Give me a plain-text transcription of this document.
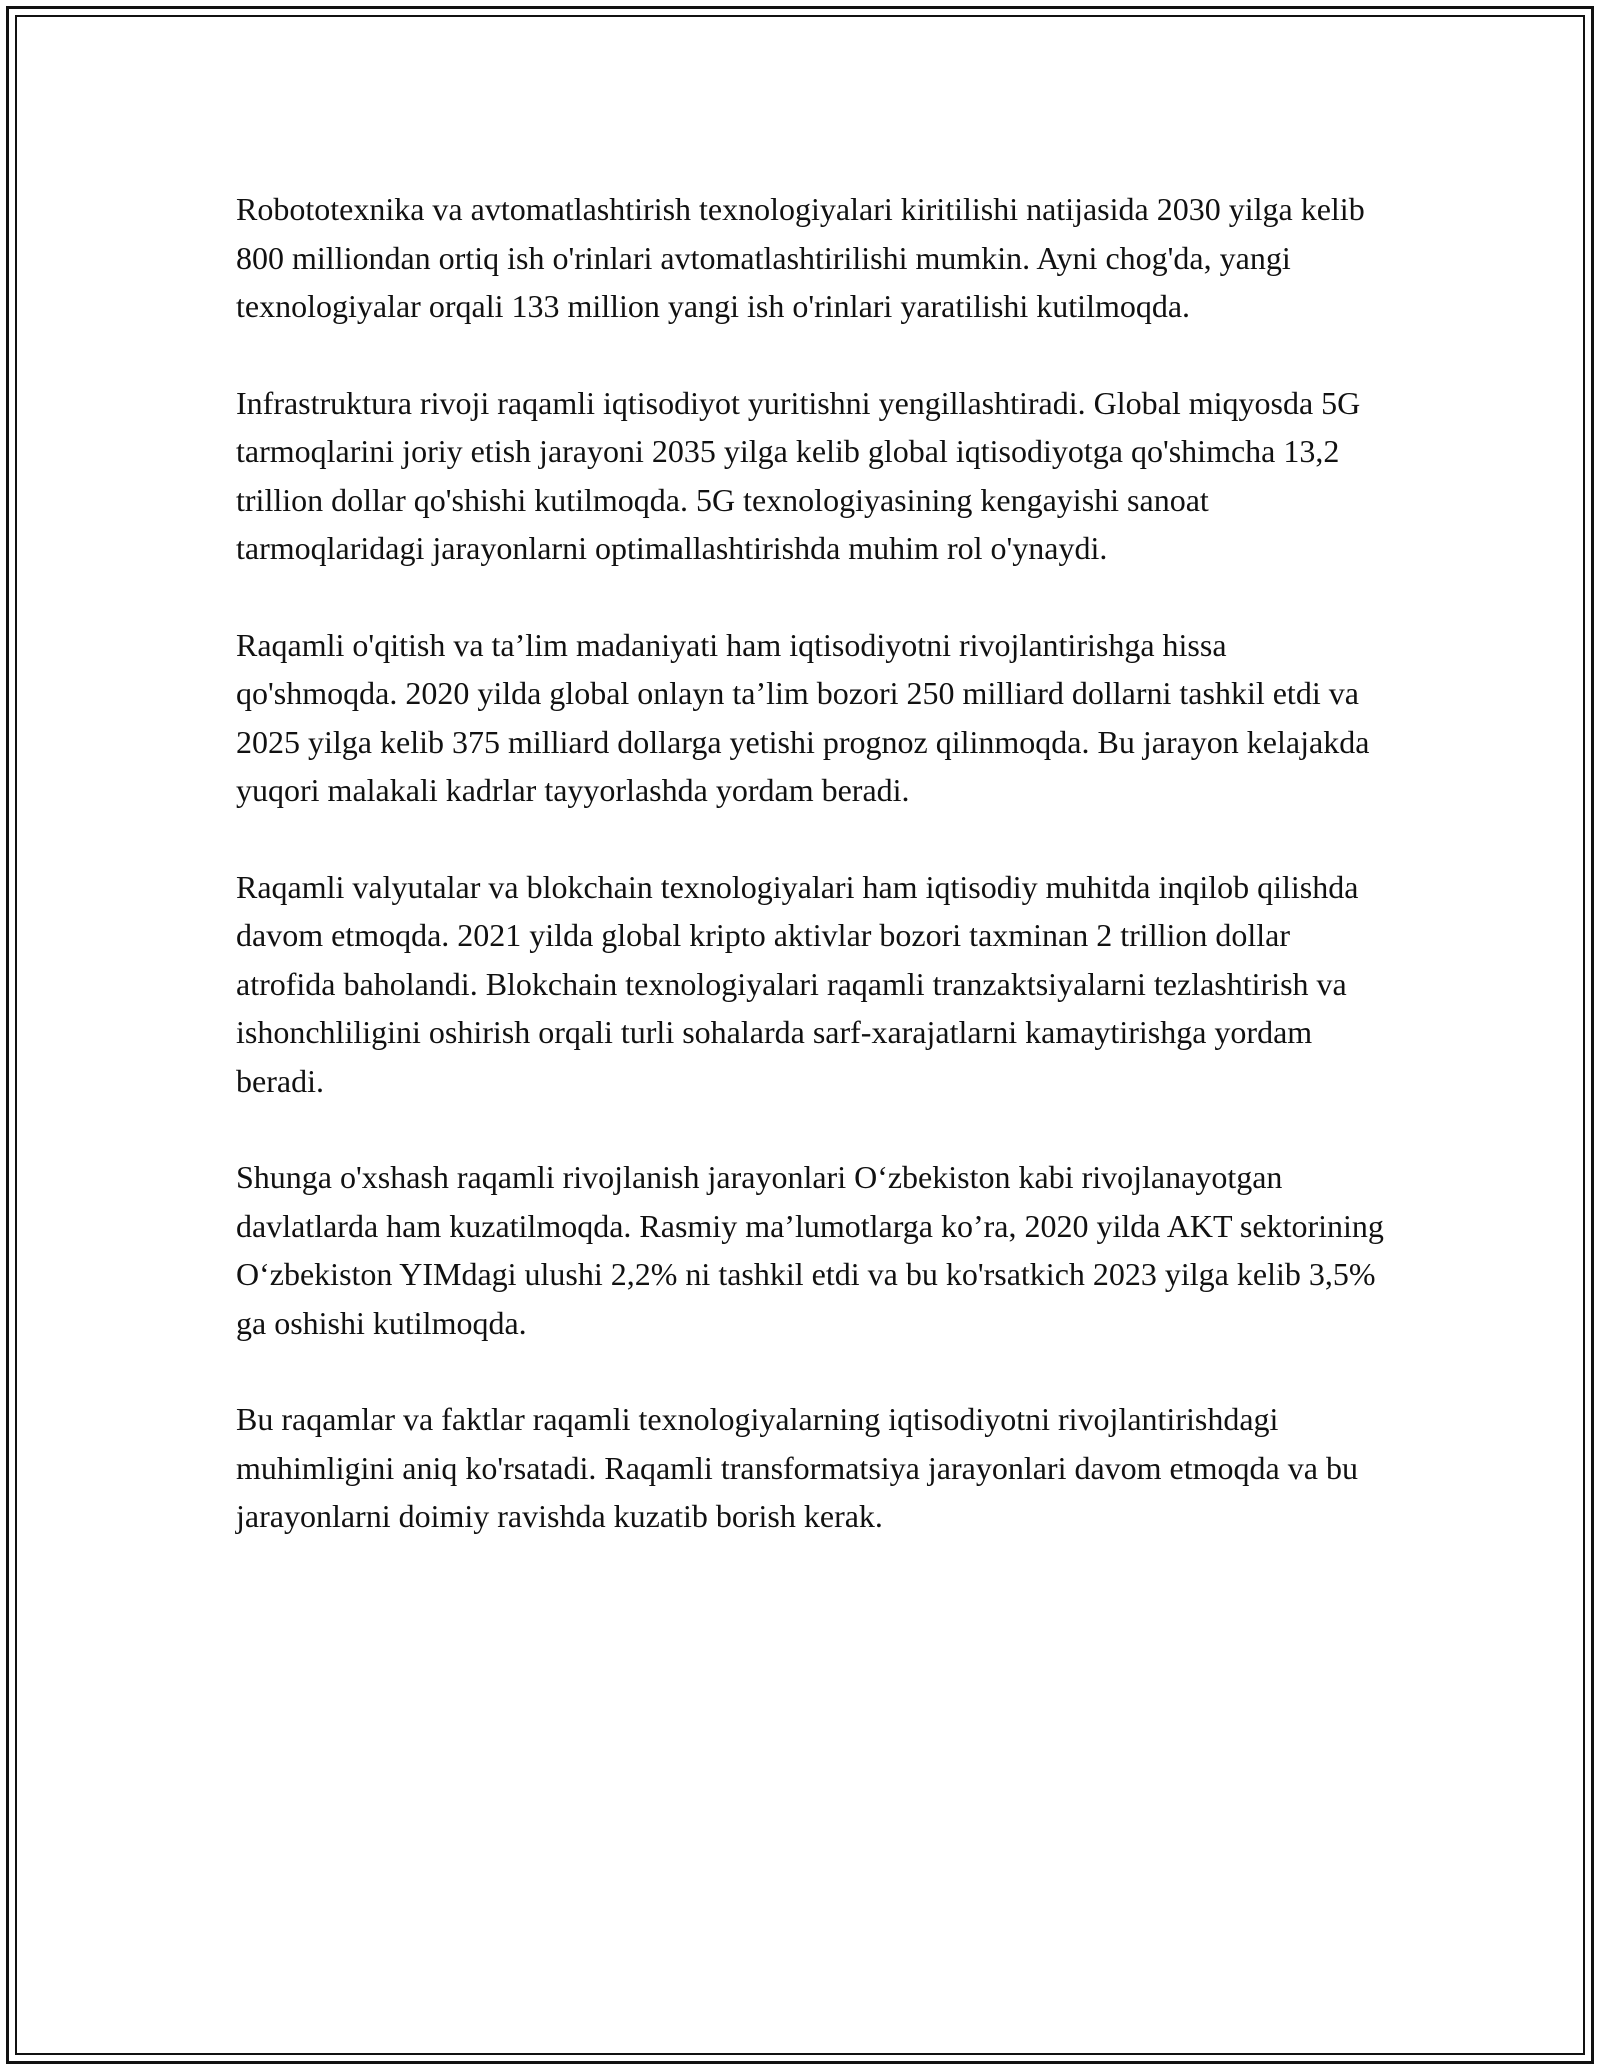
Robototexnika va avtomatlashtirish texnologiyalari kiritilishi natijasida 2030 yilga kelib 800 milliondan ortiq ish o'rinlari avtomatlashtirilishi mumkin. Ayni chog'da, yangi texnologiyalar orqali 133 million yangi ish o'rinlari yaratilishi kutilmoqda.

Infrastruktura rivoji raqamli iqtisodiyot yuritishni yengillashtiradi. Global miqyosda 5G tarmoqlarini joriy etish jarayoni 2035 yilga kelib global iqtisodiyotga qo'shimcha 13,2 trillion dollar qo'shishi kutilmoqda. 5G texnologiyasining kengayishi sanoat tarmoqlaridagi jarayonlarni optimallashtirishda muhim rol o'ynaydi.

Raqamli o'qitish va ta’lim madaniyati ham iqtisodiyotni rivojlantirishga hissa qo'shmoqda. 2020 yilda global onlayn ta’lim bozori 250 milliard dollarni tashkil etdi va 2025 yilga kelib 375 milliard dollarga yetishi prognoz qilinmoqda. Bu jarayon kelajakda yuqori malakali kadrlar tayyorlashda yordam beradi.

Raqamli valyutalar va blokchain texnologiyalari ham iqtisodiy muhitda inqilob qilishda davom etmoqda. 2021 yilda global kripto aktivlar bozori taxminan 2 trillion dollar atrofida baholandi. Blokchain texnologiyalari raqamli tranzaktsiyalarni tezlashtirish va ishonchliligini oshirish orqali turli sohalarda sarf-xarajatlarni kamaytirishga yordam beradi.

Shunga o'xshash raqamli rivojlanish jarayonlari O‘zbekiston kabi rivojlanayotgan davlatlarda ham kuzatilmoqda. Rasmiy ma’lumotlarga ko’ra, 2020 yilda AKT sektorining O‘zbekiston YIMdagi ulushi 2,2% ni tashkil etdi va bu ko'rsatkich 2023 yilga kelib 3,5% ga oshishi kutilmoqda.

Bu raqamlar va faktlar raqamli texnologiyalarning iqtisodiyotni rivojlantirishdagi muhimligini aniq ko'rsatadi. Raqamli transformatsiya jarayonlari davom etmoqda va bu jarayonlarni doimiy ravishda kuzatib borish kerak.
